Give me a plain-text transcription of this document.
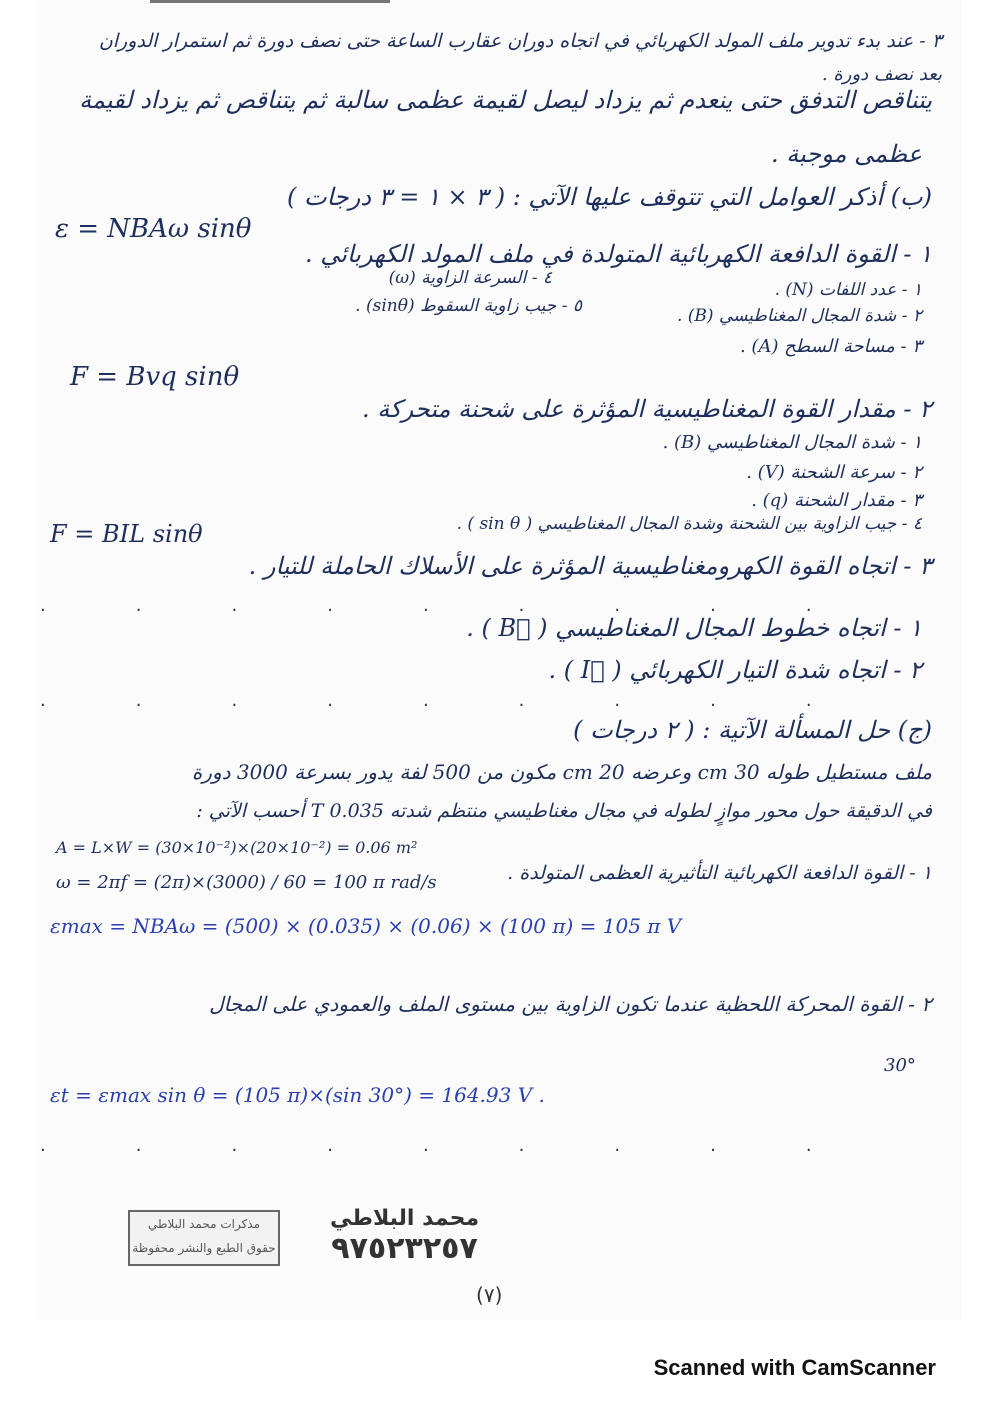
٣ - عند بدء تدوير ملف المولد الكهربائي في اتجاه دوران عقارب الساعة حتى نصف دورة ثم استمرار الدوران
بعد نصف دورة .
يتناقص التدفق حتى ينعدم ثم يزداد ليصل لقيمة عظمى سالبة ثم يتناقص ثم يزداد لقيمة
عظمى موجبة .
(ب) أذكر العوامل التي تتوقف عليها الآتي : ( ٣ × ١ = ٣ درجات )
ε = NBAω sinθ
١ - القوة الدافعة الكهربائية المتولدة في ملف المولد الكهربائي .
١ - عدد اللفات (N) .
٢ - شدة المجال المغناطيسي (B) .
٣ - مساحة السطح (A) .
٤ - السرعة الزاوية (ω)
٥ - جيب زاوية السقوط (sinθ) .
F = Bvq sinθ
٢ - مقدار القوة المغناطيسية المؤثرة على شحنة متحركة .
١ - شدة المجال المغناطيسي (B) .
٢ - سرعة الشحنة (V) .
٣ - مقدار الشحنة (q) .
٤ - جيب الزاوية بين الشحنة وشدة المجال المغناطيسي ( sin θ ) .
F = BIL sinθ
٣ - اتجاه القوة الكهرومغناطيسية المؤثرة على الأسلاك الحاملة للتيار .
.	.	.	.	.	.	.	.	.
١ - اتجاه خطوط المجال المغناطيسي ( B⃗ ) .
٢ - اتجاه شدة التيار الكهربائي ( I⃗ ) .
.	.	.	.	.	.	.	.	.
(ج) حل المسألة الآتية : ( ٢ درجات )
ملف مستطيل طوله 30 cm وعرضه 20 cm مكون من 500 لفة يدور بسرعة 3000 دورة
في الدقيقة حول محور موازٍ لطوله في مجال مغناطيسي منتظم شدته 0.035 T أحسب الآتي :
١ - القوة الدافعة الكهربائية التأثيرية العظمى المتولدة .
A = L×W = (30×10⁻²)×(20×10⁻²) = 0.06 m²
ω = 2πf = (2π)×(3000) / 60 = 100 π rad/s
εmax = NBAω = (500) × (0.035) × (0.06) × (100 π) = 105 π V
٢ - القوة المحركة اللحظية عندما تكون الزاوية بين مستوى الملف والعمودي على المجال
30°
εt = εmax sin θ = (105 π)×(sin 30°) = 164.93 V .
.	.	.	.	.	.	.	.	.
مذكرات محمد البلاطي
حقوق الطبع والنشر محفوظة
محمد البلاطي
٩٧٥٢٣٢٥٧
(٧)
Scanned with CamScanner
